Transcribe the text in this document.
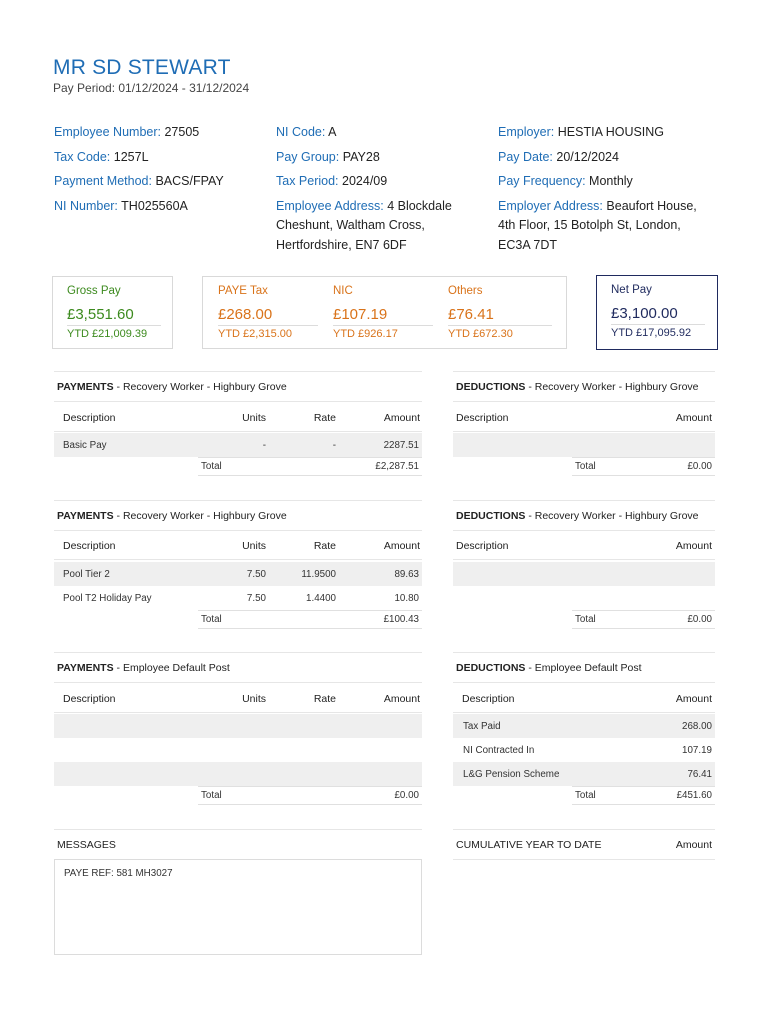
MR SD STEWART
Pay Period: 01/12/2024 - 31/12/2024
Employee Number: 27505
Tax Code: 1257L
Payment Method: BACS/FPAY
NI Number: TH025560A
NI Code: A
Pay Group: PAY28
Tax Period: 2024/09
Employee Address: 4 Blockdale
Cheshunt, Waltham Cross,
Hertfordshire, EN7 6DF
Employer: HESTIA HOUSING
Pay Date: 20/12/2024
Pay Frequency: Monthly
Employer Address: Beaufort House,
4th Floor, 15 Botolph St, London,
EC3A 7DT
Gross Pay
£3,551.60
YTD £21,009.39
PAYE Tax
£268.00
YTD £2,315.00
NIC
£107.19
YTD £926.17
Others
£76.41
YTD £672.30
Net Pay
£3,100.00
YTD £17,095.92
PAYMENTS - Recovery Worker - Highbury Grove
Description	Units	Rate	Amount
Basic Pay	-	-	2287.51
Total	£2,287.51
DEDUCTIONS - Recovery Worker - Highbury Grove
Description	Amount
Total	£0.00
PAYMENTS - Recovery Worker - Highbury Grove
Description	Units	Rate	Amount
Pool Tier 2	7.50	11.9500	89.63
Pool T2 Holiday Pay	7.50	1.4400	10.80
Total	£100.43
DEDUCTIONS - Recovery Worker - Highbury Grove
Description	Amount
Total	£0.00
PAYMENTS - Employee Default Post
Description	Units	Rate	Amount
Total	£0.00
DEDUCTIONS - Employee Default Post
Description	Amount
Tax Paid	268.00
NI Contracted In	107.19
L&G Pension Scheme	76.41
Total	£451.60
MESSAGES
PAYE REF: 581 MH3027
CUMULATIVE YEAR TO DATE	Amount
